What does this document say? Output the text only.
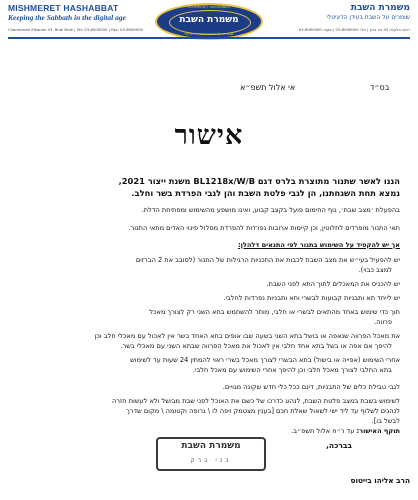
MISHMERET HASHABBAT
Keeping the Sabbath in the digital age
Chanmarah Elkonon 43, Bnei Brak | Tel: 03-6000000 | Fax: 03-6000000
משמרת השבת
שומרים על השבת בעידן הדיגיטלי
רחוב אלקנה 43 בני ברק | טל: 03-6000000 | פקס: 03-6000000
MISHMERET HASHABBAT
משמרת השבת
שומרים על השבת בעידן הדיגיטלי
בס״ד
אי אלול תשפ״א
אישור
הננו לאשר שתנור מתוצרת בלרס דגם BL1218x/W/B משנת ייצור 2021,
נמצא תחת השגחתנו, הן לגבי פלטת השבת והן לגבי הפרדת בשר וחלב.
בהפעלת ׳מצב שבת׳, גוף החימום פועל בקצב קבוע, ואינו מושפע מהשימוש ומפתיחת הדלת.
תאי התנור מופרדים לחלוטין, וכן קיימות ארובות נפרדות להפרדת מסלול פינוי האדים מתאי התנור.
אך יש להקפיד על השימוש בתנור לפי התנאים דלהלן:
יש להפעיל בעי״ש את מצב השבת לכבות את התכניות הרגילות של התנור (לסובב את 2 הברזים
למצב כבוי).
יש להכניס את המאכלים לתוך התא לפני השבת.
יש לייחד תא ותבניות קבועות לבשרי ותא ותבניות נפרדות לחלבי.
תוך כדי שימוש באחד מהתאים לבשרי או חלבי, מותר להשתמש בתא השני רק לצורך מאכל
פרווה.
את מאכל הפרווה שנאפה או בושל בתא השני בשעה שבו אופים בתא האחד בשר אין לאכול עם מאכלי חלב וכן
להיפך אם אפה או בשל בתא אחד חלבי אין לאכול את מאכל הפרווה שבתא השני עם מאכלי בשר.
אחרי השימוש (אפייה או בישול) בתא הבשרי לצורך מאכל בשרי ראוי להמתין 24 שעות עד לשימוש
בתא החלבי לצורך מאכל חלבי וכן להיפך אחרי השימוש עם מאכל חלבי.
לגבי טבילת כלים של התבניות, דינם ככל כלי חדש שקונה מגויים.
לשימוש בשבת במצב פלטת השבת, לנהוג כדרכו של כשם את האוכל לפני שבת מבושל ולא לעשות חזרה
לנהגים לשלוף עד ליד ישי לשאול שאלת חכם [בענין מצטמק ויפה לו \ גרופה וקטומה \ מקום שדרך
לבשל בו].
תוקף האישור: עד ר״ח אלול תשפ״ב.
בברכה,
משמרת השבת
בני ברק
הרב אליהו בייטוס
